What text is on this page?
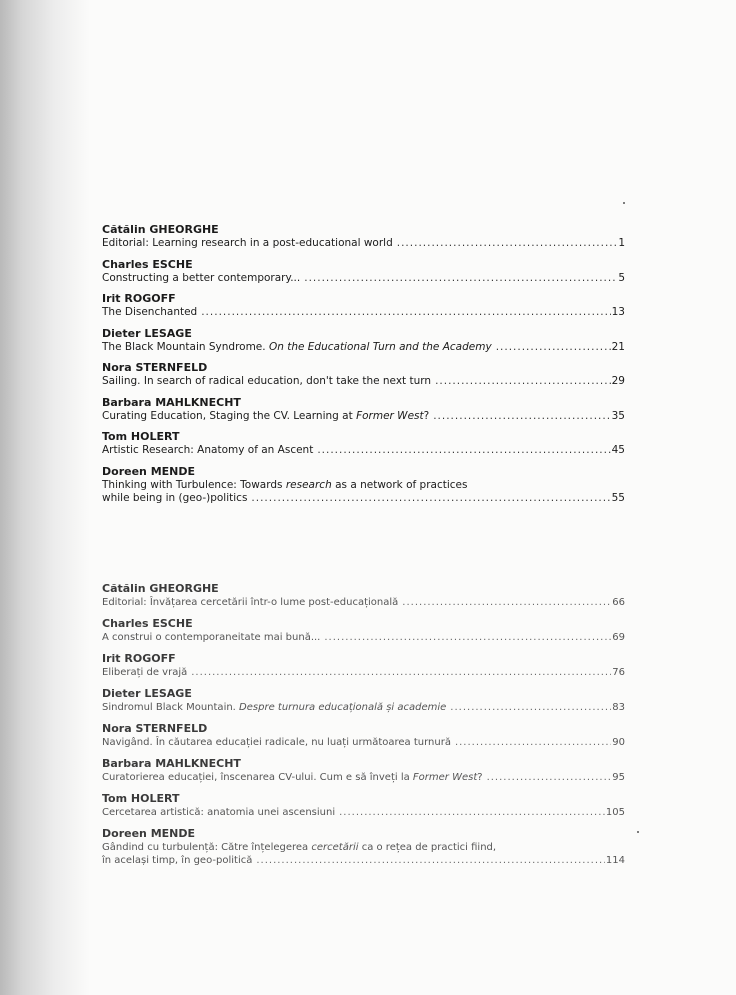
Cătălin GHEORGHE
Editorial: Learning research in a post-educational world .....	1
Charles ESCHE
Constructing a better contemporary... .....	5
Irit ROGOFF
The Disenchanted .....	13
Dieter LESAGE
The Black Mountain Syndrome. On the Educational Turn and the Academy .....	21
Nora STERNFELD
Sailing. In search of radical education, don't take the next turn .....	29
Barbara MAHLKNECHT
Curating Education, Staging the CV. Learning at Former West? .....	35
Tom HOLERT
Artistic Research: Anatomy of an Ascent .....	45
Doreen MENDE
Thinking with Turbulence: Towards research as a network of practices
while being in (geo-)politics .....	55
Cătălin GHEORGHE
Editorial: Învățarea cercetării într-o lume post-educațională .....	66
Charles ESCHE
A construi o contemporaneitate mai bună... .....	69
Irit ROGOFF
Eliberați de vrajă .....	76
Dieter LESAGE
Sindromul Black Mountain. Despre turnura educațională și academie .....	83
Nora STERNFELD
Navigând. În căutarea educației radicale, nu luați următoarea turnură .....	90
Barbara MAHLKNECHT
Curatorierea educației, înscenarea CV-ului. Cum e să înveți la Former West? .....	95
Tom HOLERT
Cercetarea artistică: anatomia unei ascensiuni .....	105
Doreen MENDE
Gândind cu turbulență: Către înțelegerea cercetării ca o rețea de practici fiind,
în același timp, în geo-politică .....	114
